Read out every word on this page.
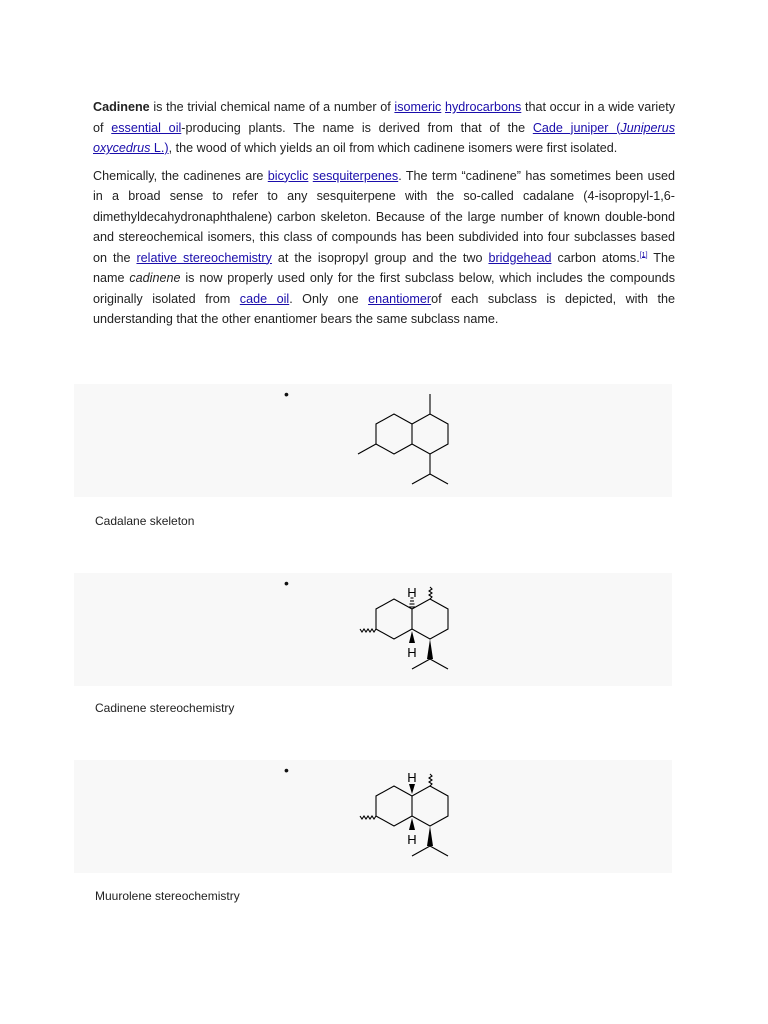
Cadinene is the trivial chemical name of a number of isomeric hydrocarbons that occur in a wide variety of essential oil-producing plants. The name is derived from that of the Cade juniper (Juniperus oxycedrus L.), the wood of which yields an oil from which cadinene isomers were first isolated.

Chemically, the cadinenes are bicyclic sesquiterpenes. The term “cadinene” has sometimes been used in a broad sense to refer to any sesquiterpene with the so-called cadalane (4-isopropyl-1,6-dimethyldecahydronaphthalene) carbon skeleton. Because of the large number of known double-bond and stereochemical isomers, this class of compounds has been subdivided into four subclasses based on the relative stereochemistry at the isopropyl group and the two bridgehead carbon atoms.[1] The name cadinene is now properly used only for the first subclass below, which includes the compounds originally isolated from cade oil. Only one enantiomerof each subclass is depicted, with the understanding that the other enantiomer bears the same subclass name.

•
Cadalane skeleton
•
H
H
Cadinene stereochemistry
•	H
H
Muurolene stereochemistry
